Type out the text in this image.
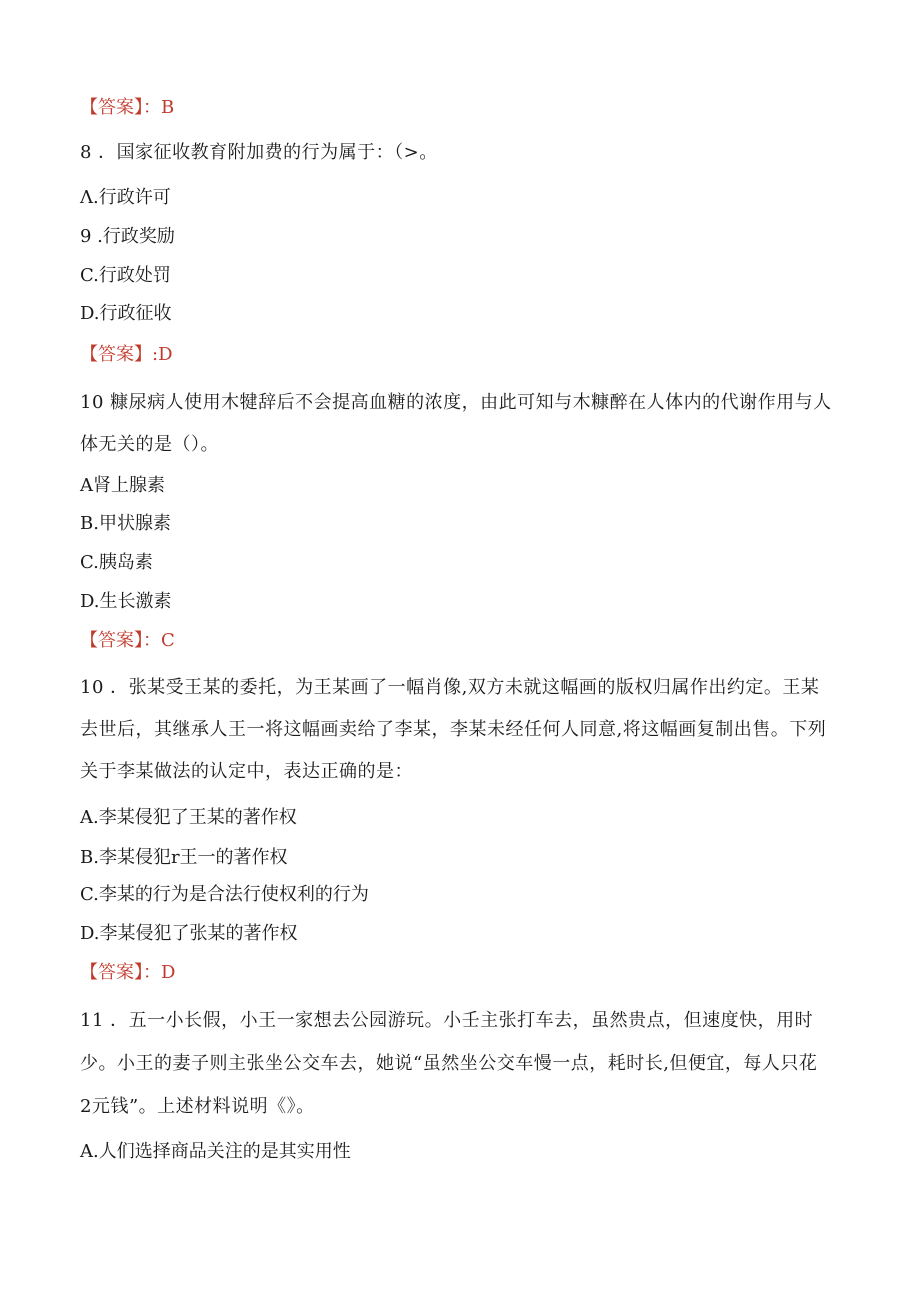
【答案】：B
8 ．国家征收教育附加费的行为属于：（>。
Λ.行政许可
9 .行政奖励
C.行政处罚
D.行政征收
【答案】:D
10 糠尿病人使用木犍辞后不会提高血糖的浓度，由此可知与木糠醉在人体内的代谢作用与人
体无关的是（）。
A肾上腺素
B.甲状腺素
C.胰岛素
D.生长激素
【答案】：C
10 ．张某受王某的委托，为王某画了一幅肖像,双方未就这幅画的版权归属作出约定。王某
去世后，其继承人王一将这幅画卖给了李某，李某未经任何人同意,将这幅画复制出售。下列
关于李某做法的认定中，表达正确的是：
A.李某侵犯了王某的著作权
B.李某侵犯r王一的著作权
C.李某的行为是合法行使权利的行为
D.李某侵犯了张某的著作权
【答案】：D
11 ．五一小长假，小王一家想去公园游玩。小壬主张打车去，虽然贵点，但速度快，用时
少。小王的妻子则主张坐公交车去，她说“虽然坐公交车慢一点，耗时长,但便宜，每人只花
2元钱”。上述材料说明《》。
A.人们选择商品关注的是其实用性
